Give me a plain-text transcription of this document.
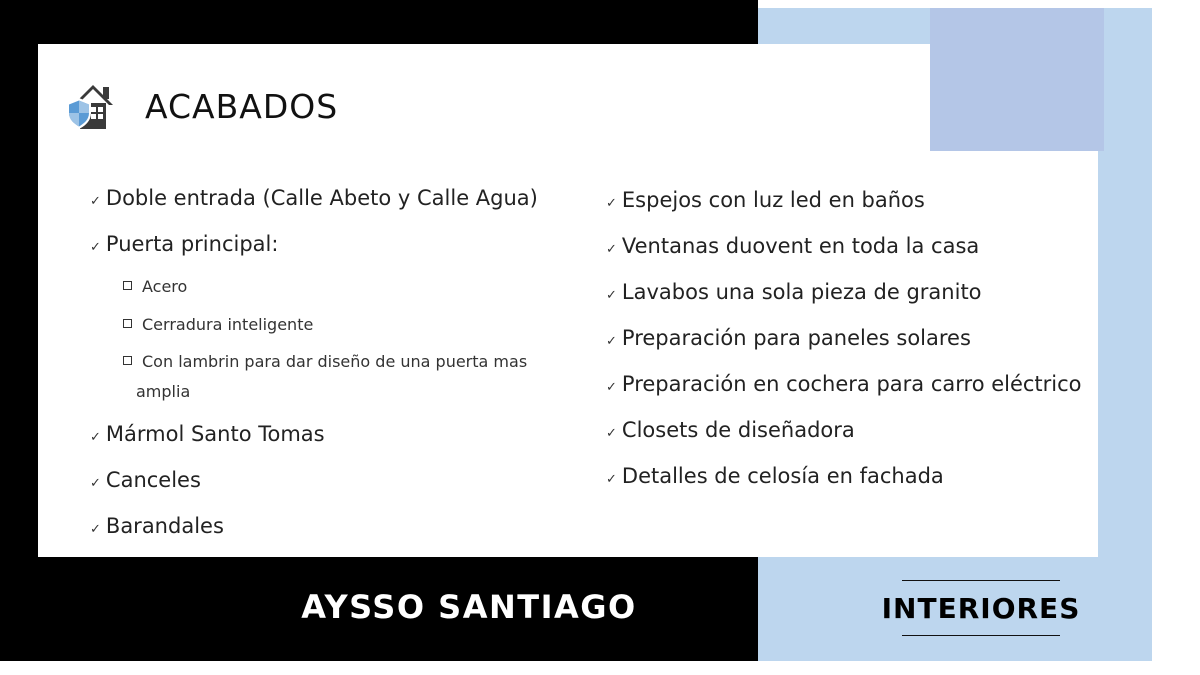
ACABADOS
✓ Doble entrada (Calle Abeto y Calle Agua)
✓ Puerta principal:
Acero
Cerradura inteligente
Con lambrin para dar diseño de una puerta mas
amplia
✓ Mármol Santo Tomas
✓ Canceles
✓ Barandales
✓ Espejos con luz led en baños
✓ Ventanas duovent en toda la casa
✓ Lavabos una sola pieza de granito
✓ Preparación para paneles solares
✓ Preparación en cochera para carro eléctrico
✓ Closets de diseñadora
✓ Detalles de celosía en fachada
AYSSO SANTIAGO	INTERIORES
